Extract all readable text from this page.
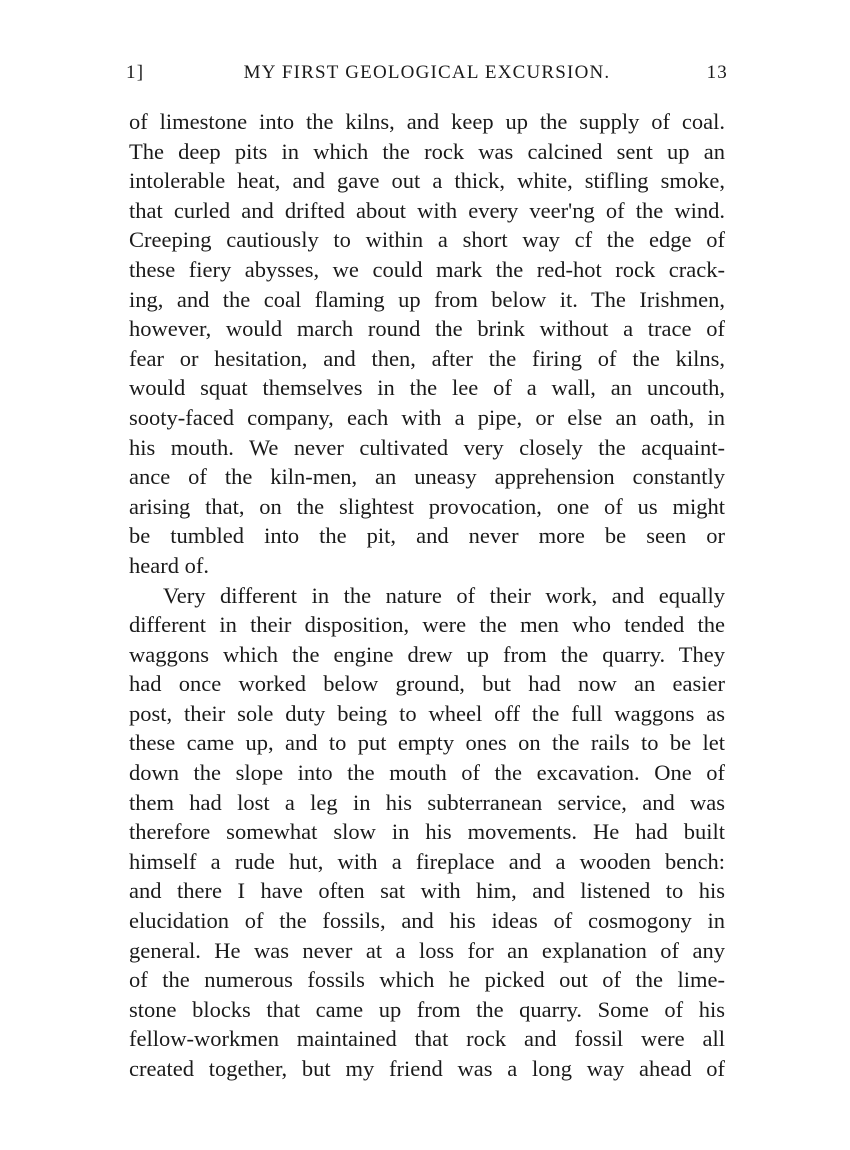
1]	MY FIRST GEOLOGICAL EXCURSION.	13
of limestone into the kilns, and keep up the supply of coal.
The deep pits in which the rock was calcined sent up an
intolerable heat, and gave out a thick, white, stifling smoke,
that curled and drifted about with every veer'ng of the wind.
Creeping cautiously to within a short way cf the edge of
these fiery abysses, we could mark the red-hot rock crack-
ing, and the coal flaming up from below it. The Irishmen,
however, would march round the brink without a trace of
fear or hesitation, and then, after the firing of the kilns,
would squat themselves in the lee of a wall, an uncouth,
sooty-faced company, each with a pipe, or else an oath, in
his mouth. We never cultivated very closely the acquaint-
ance of the kiln-men, an uneasy apprehension constantly
arising that, on the slightest provocation, one of us might
be tumbled into the pit, and never more be seen or
heard of.
Very different in the nature of their work, and equally
different in their disposition, were the men who tended the
waggons which the engine drew up from the quarry. They
had once worked below ground, but had now an easier
post, their sole duty being to wheel off the full waggons as
these came up, and to put empty ones on the rails to be let
down the slope into the mouth of the excavation. One of
them had lost a leg in his subterranean service, and was
therefore somewhat slow in his movements. He had built
himself a rude hut, with a fireplace and a wooden bench:
and there I have often sat with him, and listened to his
elucidation of the fossils, and his ideas of cosmogony in
general. He was never at a loss for an explanation of any
of the numerous fossils which he picked out of the lime-
stone blocks that came up from the quarry. Some of his
fellow-workmen maintained that rock and fossil were all
created together, but my friend was a long way ahead of
